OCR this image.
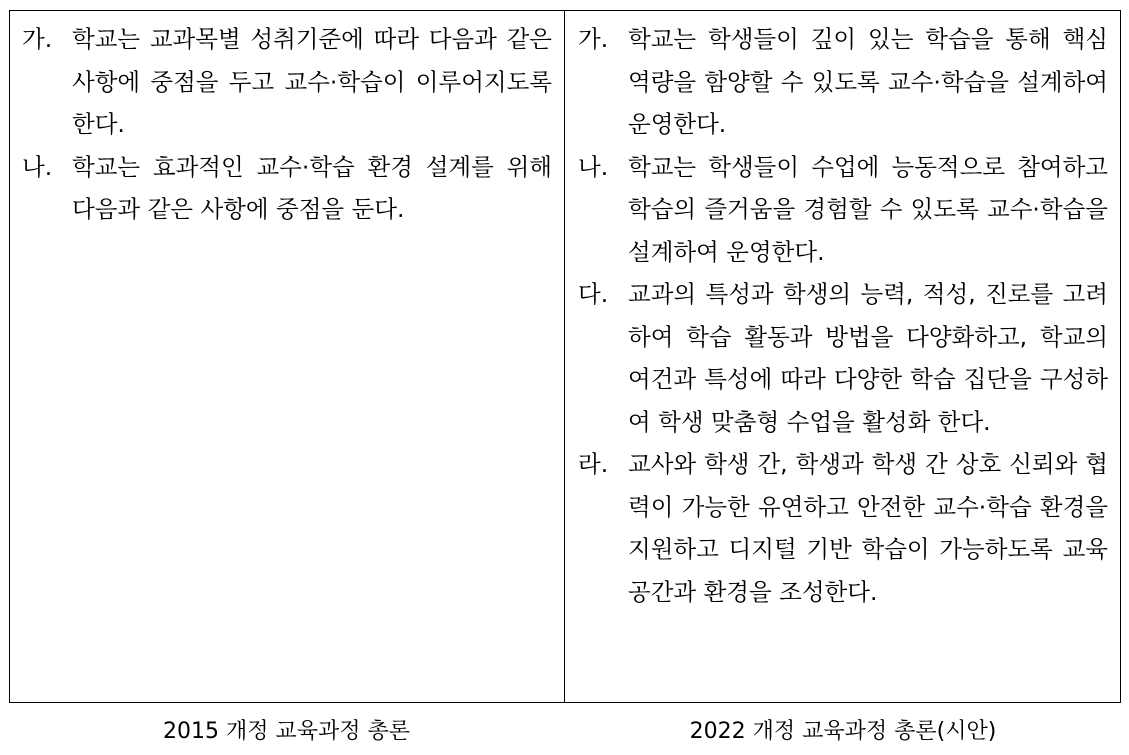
가. 학교는 교과목별 성취기준에 따라 다음과 같은 사항에 중점을 두고 교수·학습이 이루어지도록 한다.
나. 학교는 효과적인 교수·학습 환경 설계를 위해 다음과 같은 사항에 중점을 둔다.
가. 학교는 학생들이 깊이 있는 학습을 통해 핵심 역량을 함양할 수 있도록 교수·학습을 설계하여 운영한다.
나. 학교는 학생들이 수업에 능동적으로 참여하고 학습의 즐거움을 경험할 수 있도록 교수·학습을 설계하여 운영한다.
다. 교과의 특성과 학생의 능력, 적성, 진로를 고려하여 학습 활동과 방법을 다양화하고, 학교의 여건과 특성에 따라 다양한 학습 집단을 구성하여 학생 맞춤형 수업을 활성화 한다.
라. 교사와 학생 간, 학생과 학생 간 상호 신뢰와 협력이 가능한 유연하고 안전한 교수·학습 환경을 지원하고 디지털 기반 학습이 가능하도록 교육공간과 환경을 조성한다.
2015 개정 교육과정 총론	2022 개정 교육과정 총론(시안)
